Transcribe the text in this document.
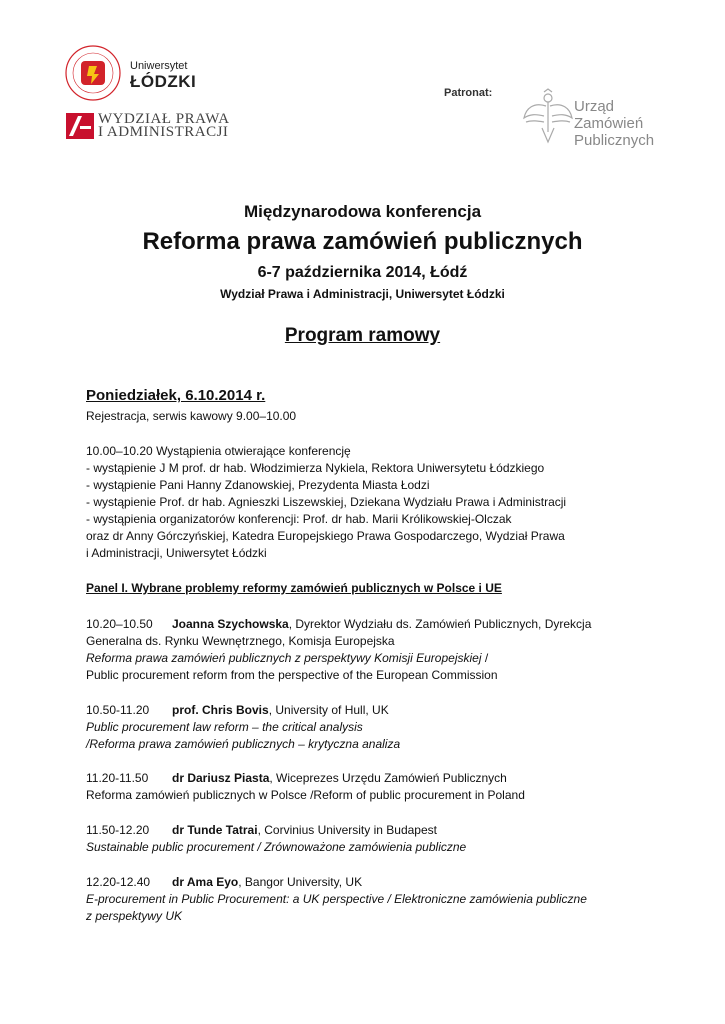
Uniwersytet
ŁÓDZKI
WYDZIAŁ PRAWA
I ADMINISTRACJI
Patronat:
Urząd
Zamówień
Publicznych
Międzynarodowa konferencja
Reforma prawa zamówień publicznych
6-7 października 2014, Łódź
Wydział Prawa i Administracji, Uniwersytet Łódzki
Program ramowy
Poniedziałek, 6.10.2014 r.
Rejestracja, serwis kawowy 9.00–10.00
10.00–10.20 Wystąpienia otwierające konferencję
- wystąpienie J M prof. dr hab. Włodzimierza Nykiela, Rektora Uniwersytetu Łódzkiego
- wystąpienie Pani Hanny Zdanowskiej, Prezydenta Miasta Łodzi
- wystąpienie Prof. dr hab. Agnieszki Liszewskiej, Dziekana Wydziału Prawa i Administracji
- wystąpienia organizatorów konferencji: Prof. dr hab. Marii Królikowskiej-Olczak
oraz dr Anny Górczyńskiej, Katedra Europejskiego Prawa Gospodarczego, Wydział Prawa
i Administracji, Uniwersytet Łódzki
Panel I. Wybrane problemy reformy zamówień publicznych w Polsce i UE
10.20–10.50 Joanna Szychowska, Dyrektor Wydziału ds. Zamówień Publicznych, Dyrekcja
Generalna ds. Rynku Wewnętrznego, Komisja Europejska
Reforma prawa zamówień publicznych z perspektywy Komisji Europejskiej /
Public procurement reform from the perspective of the European Commission
10.50-11.20 prof. Chris Bovis, University of Hull, UK
Public procurement law reform – the critical analysis
/Reforma prawa zamówień publicznych – krytyczna analiza
11.20-11.50 dr Dariusz Piasta, Wiceprezes Urzędu Zamówień Publicznych
Reforma zamówień publicznych w Polsce /Reform of public procurement in Poland
11.50-12.20 dr Tunde Tatrai, Corvinius University in Budapest
Sustainable public procurement / Zrównoważone zamówienia publiczne
12.20-12.40 dr Ama Eyo, Bangor University, UK
E-procurement in Public Procurement: a UK perspective / Elektroniczne zamówienia publiczne
z perspektywy UK
